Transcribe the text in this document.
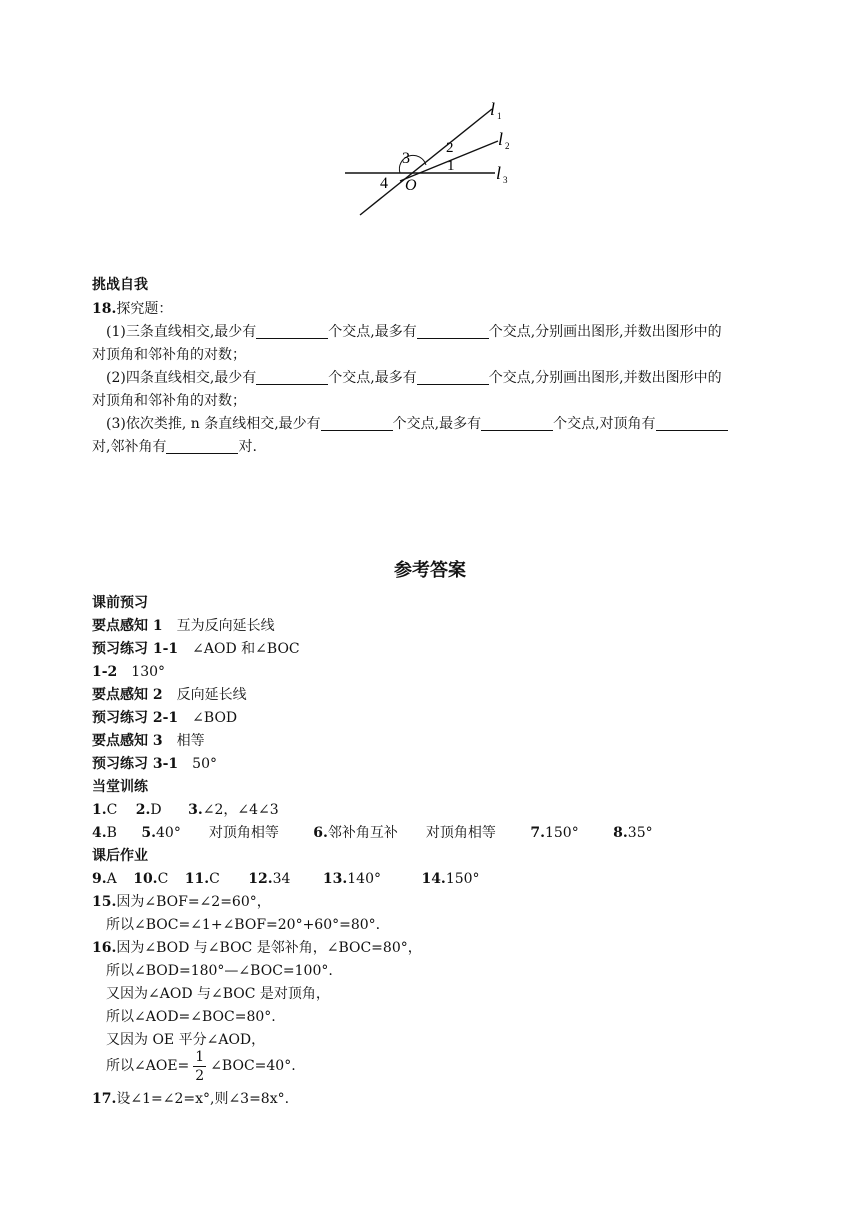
l 1
l 2
l 3
O
1
2
3
4
挑战自我
18.探究题：
(1)三条直线相交,最少有	个交点,最多有	个交点,分别画出图形,并数出图形中的
对顶角和邻补角的对数；
(2)四条直线相交,最少有	个交点,最多有	个交点,分别画出图形,并数出图形中的
对顶角和邻补角的对数；
(3)依次类推, n 条直线相交,最少有	个交点,最多有	个交点,对顶角有
对,邻补角有	对.
参考答案
课前预习
要点感知 1　 互为反向延长线
预习练习 1-1　 ∠AOD 和∠BOC
1-2　 130°
要点感知 2　 反向延长线
预习练习 2-1　 ∠BOD
要点感知 3　 相等
预习练习 3-1　 50°
当堂训练
1.C 2.D 3.∠2，∠4∠3
4.B 5.40°　　对顶角相等 6.邻补角互补　　对顶角相等 7.150° 8.35°
课后作业
9.A 10.C 11.C 12.34 13.140°	14.150°
15.因为∠BOF=∠2=60°，
所以∠BOC=∠1+∠BOF=20°+60°=80°.
16.因为∠BOD 与∠BOC 是邻补角，∠BOC=80°，
所以∠BOD=180°—∠BOC=100°.
又因为∠AOD 与∠BOC 是对顶角，
所以∠AOD=∠BOC=80°.
又因为 OE 平分∠AOD，
所以∠AOE= $\frac{1}{2}$ ∠BOC=40°.
17.设∠1=∠2=x°,则∠3=8x°.
